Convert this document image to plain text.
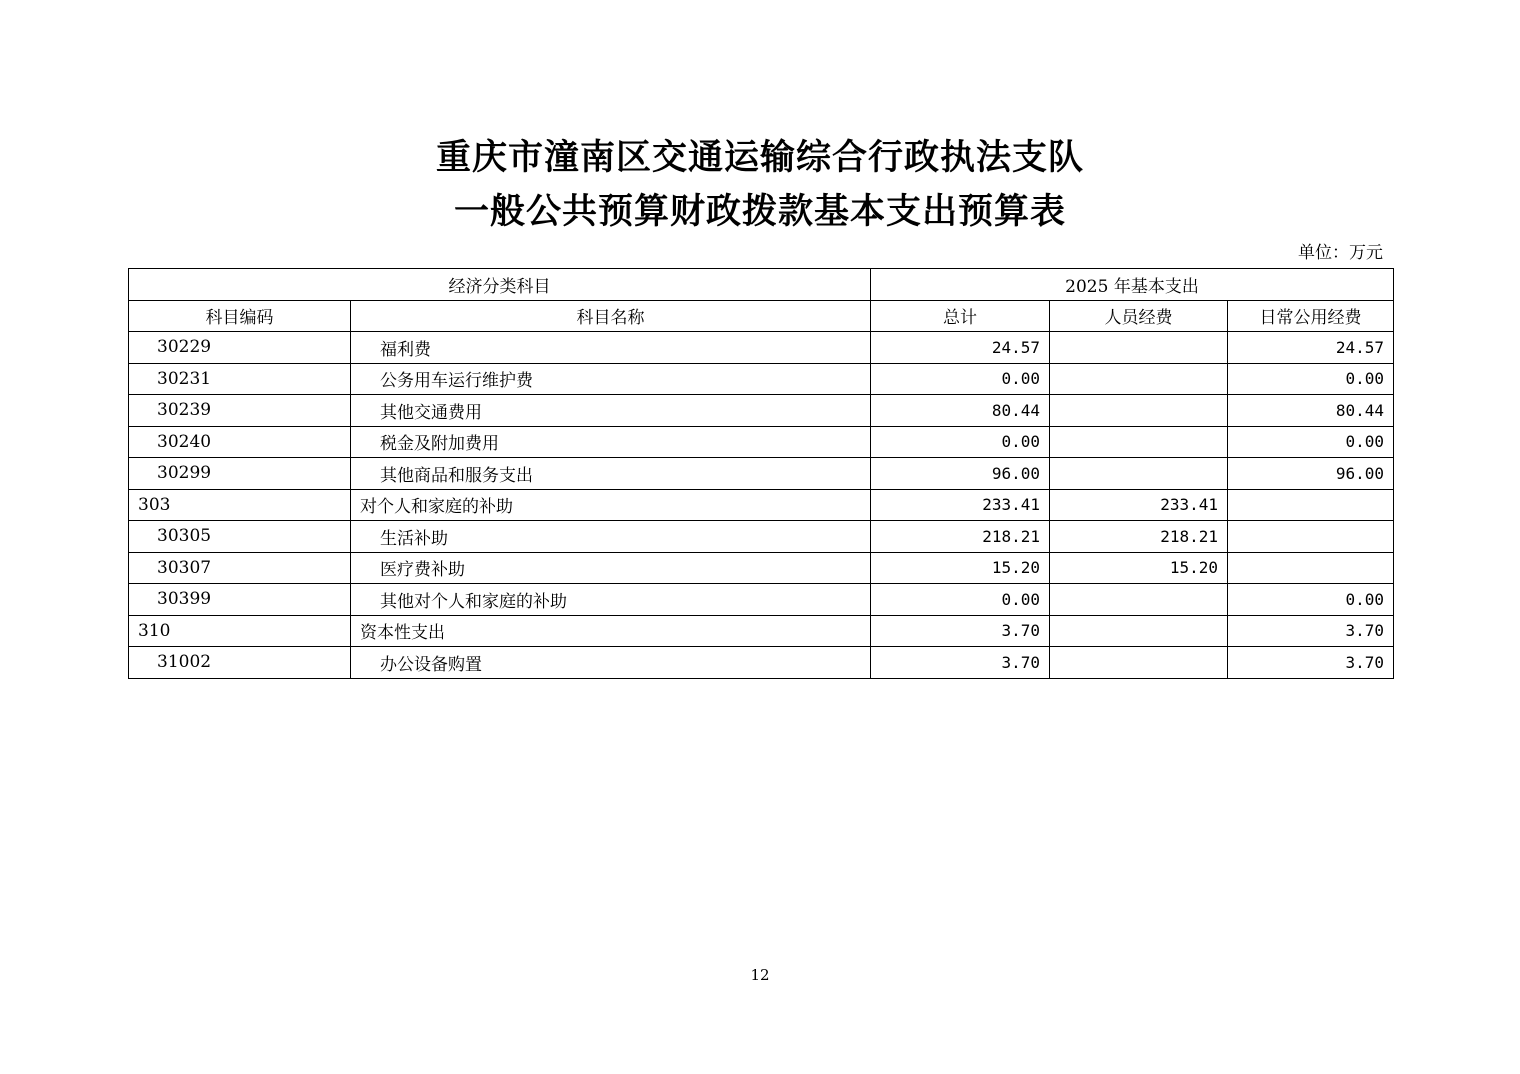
重庆市潼南区交通运输综合行政执法支队
一般公共预算财政拨款基本支出预算表
单位：万元
经济分类科目		2025 年基本支出		
科目编码	科目名称	总计	人员经费	日常公用经费
30229	福利费	24.57		24.57
30231	公务用车运行维护费	0.00		0.00
30239	其他交通费用	80.44		80.44
30240	税金及附加费用	0.00		0.00
30299	其他商品和服务支出	96.00		96.00
303	对个人和家庭的补助	233.41	233.41	
30305	生活补助	218.21	218.21	
30307	医疗费补助	15.20	15.20	
30399	其他对个人和家庭的补助	0.00		0.00
310	资本性支出	3.70		3.70
31002	办公设备购置	3.70		3.70
12
